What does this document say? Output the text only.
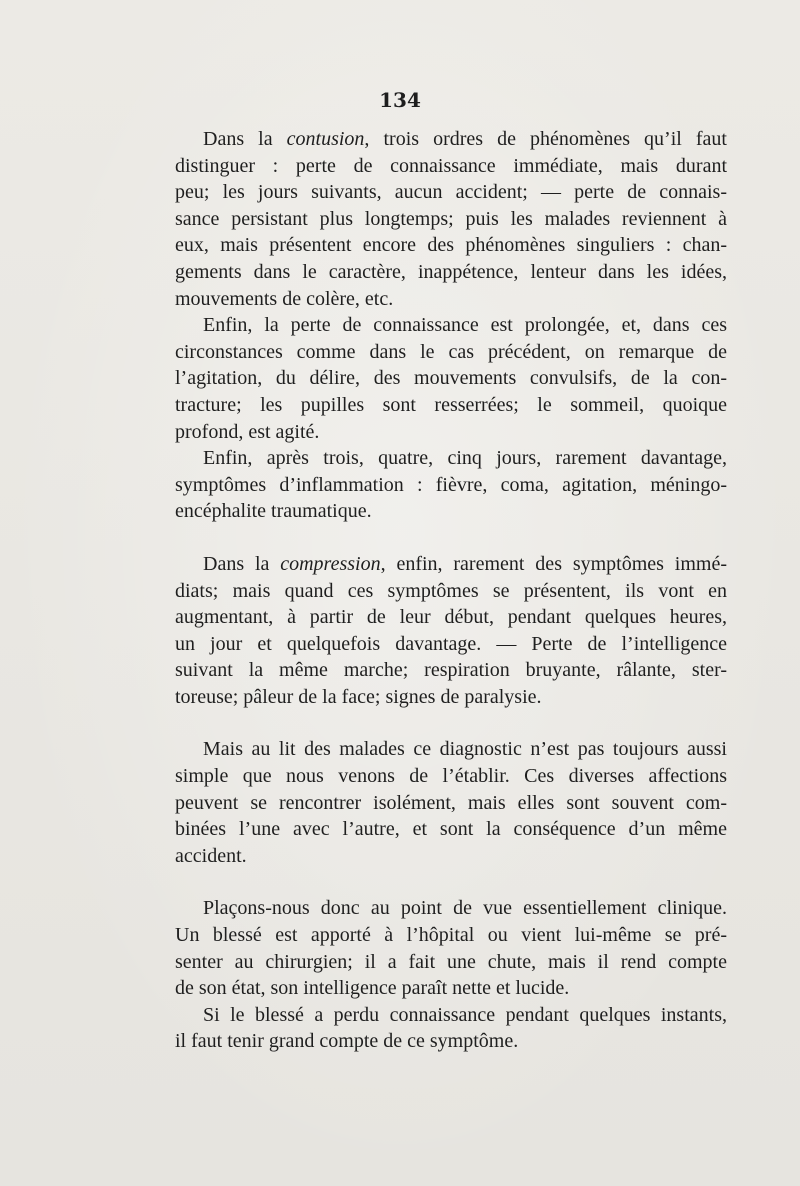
134

Dans la contusion, trois ordres de phénomènes qu’il faut
distinguer : perte de connaissance immédiate, mais durant
peu; les jours suivants, aucun accident; — perte de connais-
sance persistant plus longtemps; puis les malades reviennent à
eux, mais présentent encore des phénomènes singuliers : chan-
gements dans le caractère, inappétence, lenteur dans les idées,
mouvements de colère, etc.

Enfin, la perte de connaissance est prolongée, et, dans ces
circonstances comme dans le cas précédent, on remarque de
l’agitation, du délire, des mouvements convulsifs, de la con-
tracture; les pupilles sont resserrées; le sommeil, quoique
profond, est agité.

Enfin, après trois, quatre, cinq jours, rarement davantage,
symptômes d’inflammation : fièvre, coma, agitation, méningo-
encéphalite traumatique.

Dans la compression, enfin, rarement des symptômes immé-
diats; mais quand ces symptômes se présentent, ils vont en
augmentant, à partir de leur début, pendant quelques heures,
un jour et quelquefois davantage. — Perte de l’intelligence
suivant la même marche; respiration bruyante, râlante, ster-
toreuse; pâleur de la face; signes de paralysie.

Mais au lit des malades ce diagnostic n’est pas toujours aussi
simple que nous venons de l’établir. Ces diverses affections
peuvent se rencontrer isolément, mais elles sont souvent com-
binées l’une avec l’autre, et sont la conséquence d’un même
accident.

Plaçons-nous donc au point de vue essentiellement clinique.
Un blessé est apporté à l’hôpital ou vient lui-même se pré-
senter au chirurgien; il a fait une chute, mais il rend compte
de son état, son intelligence paraît nette et lucide.

Si le blessé a perdu connaissance pendant quelques instants,
il faut tenir grand compte de ce symptôme.
